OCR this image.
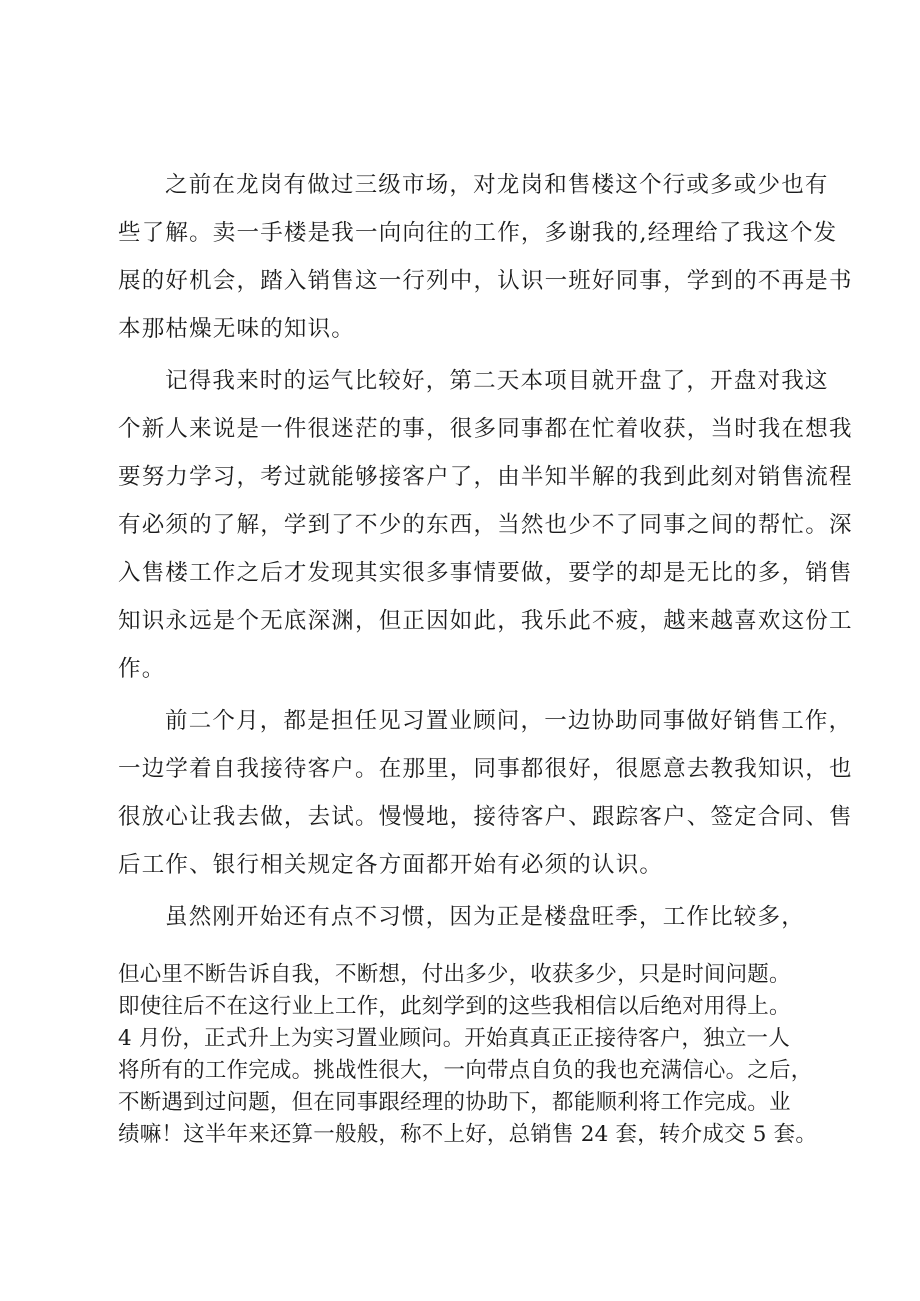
之前在龙岗有做过三级市场，对龙岗和售楼这个行或多或少也有
些了解。卖一手楼是我一向向往的工作，多谢我的,经理给了我这个发
展的好机会，踏入销售这一行列中，认识一班好同事，学到的不再是书
本那枯燥无味的知识。
记得我来时的运气比较好，第二天本项目就开盘了，开盘对我这
个新人来说是一件很迷茫的事，很多同事都在忙着收获，当时我在想我
要努力学习，考过就能够接客户了，由半知半解的我到此刻对销售流程
有必须的了解，学到了不少的东西，当然也少不了同事之间的帮忙。深
入售楼工作之后才发现其实很多事情要做，要学的却是无比的多，销售
知识永远是个无底深渊，但正因如此，我乐此不疲，越来越喜欢这份工
作。
前二个月，都是担任见习置业顾问，一边协助同事做好销售工作，
一边学着自我接待客户。在那里，同事都很好，很愿意去教我知识，也
很放心让我去做，去试。慢慢地，接待客户、跟踪客户、签定合同、售
后工作、银行相关规定各方面都开始有必须的认识。
虽然刚开始还有点不习惯，因为正是楼盘旺季，工作比较多，
但心里不断告诉自我，不断想，付出多少，收获多少，只是时间问题。
即使往后不在这行业上工作，此刻学到的这些我相信以后绝对用得上。
4 月份，正式升上为实习置业顾问。开始真真正正接待客户，独立一人
将所有的工作完成。挑战性很大，一向带点自负的我也充满信心。之后，
不断遇到过问题，但在同事跟经理的协助下，都能顺利将工作完成。业
绩嘛！这半年来还算一般般，称不上好，总销售 24 套，转介成交 5 套。
